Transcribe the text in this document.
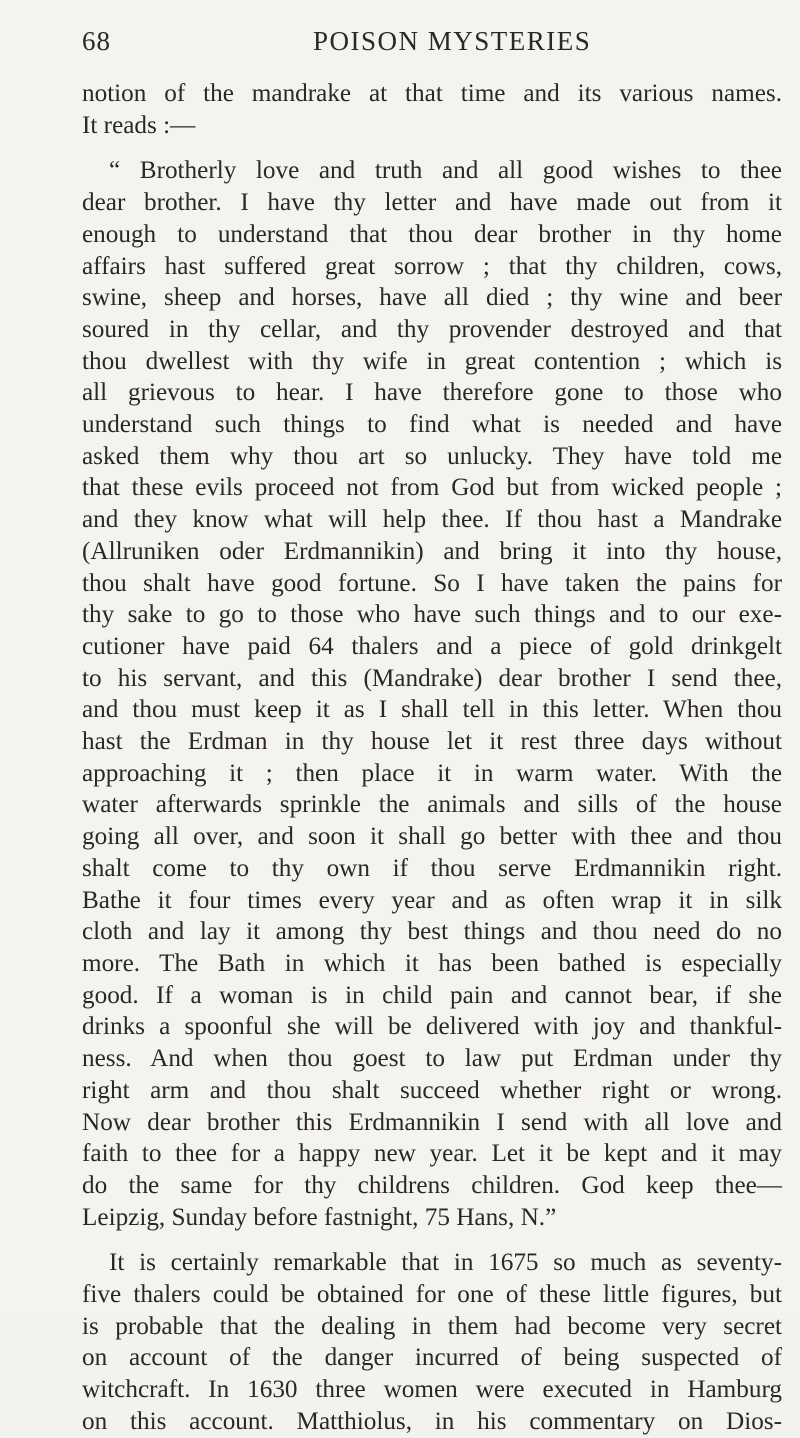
68	POISON MYSTERIES

notion of the mandrake at that time and its various names.
It reads :—

“ Brotherly love and truth and all good wishes to thee
dear brother. I have thy letter and have made out from it
enough to understand that thou dear brother in thy home
affairs hast suffered great sorrow ; that thy children, cows,
swine, sheep and horses, have all died ; thy wine and beer
soured in thy cellar, and thy provender destroyed and that
thou dwellest with thy wife in great contention ; which is
all grievous to hear. I have therefore gone to those who
understand such things to find what is needed and have
asked them why thou art so unlucky. They have told me
that these evils proceed not from God but from wicked people ;
and they know what will help thee. If thou hast a Mandrake
(Allruniken oder Erdmannikin) and bring it into thy house,
thou shalt have good fortune. So I have taken the pains for
thy sake to go to those who have such things and to our exe-
cutioner have paid 64 thalers and a piece of gold drinkgelt
to his servant, and this (Mandrake) dear brother I send thee,
and thou must keep it as I shall tell in this letter. When thou
hast the Erdman in thy house let it rest three days without
approaching it ; then place it in warm water. With the
water afterwards sprinkle the animals and sills of the house
going all over, and soon it shall go better with thee and thou
shalt come to thy own if thou serve Erdmannikin right.
Bathe it four times every year and as often wrap it in silk
cloth and lay it among thy best things and thou need do no
more. The Bath in which it has been bathed is especially
good. If a woman is in child pain and cannot bear, if she
drinks a spoonful she will be delivered with joy and thankful-
ness. And when thou goest to law put Erdman under thy
right arm and thou shalt succeed whether right or wrong.
Now dear brother this Erdmannikin I send with all love and
faith to thee for a happy new year. Let it be kept and it may
do the same for thy childrens children. God keep thee—
Leipzig, Sunday before fastnight, 75 Hans, N.”

It is certainly remarkable that in 1675 so much as seventy-
five thalers could be obtained for one of these little figures, but
is probable that the dealing in them had become very secret
on account of the danger incurred of being suspected of
witchcraft. In 1630 three women were executed in Hamburg
on this account. Matthiolus, in his commentary on Dios-
